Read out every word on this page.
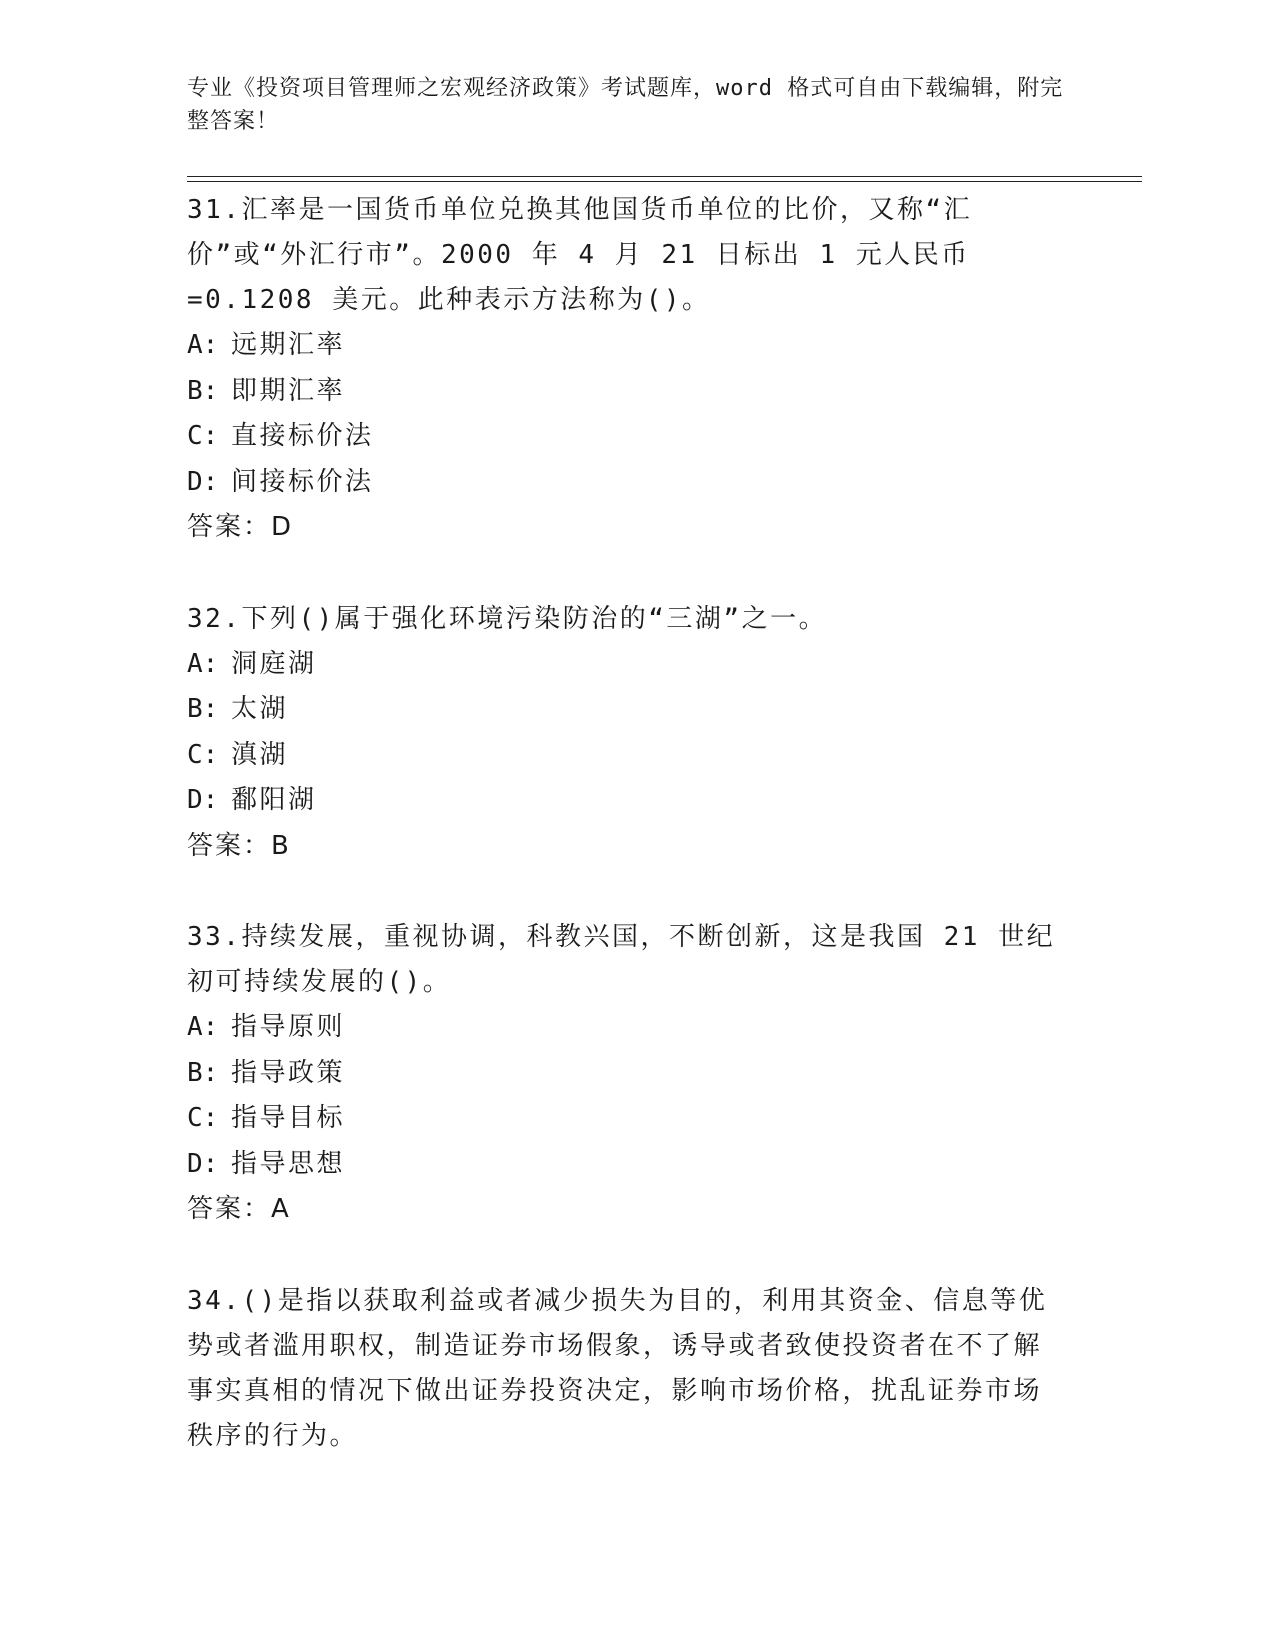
专业《投资项目管理师之宏观经济政策》考试题库，word 格式可自由下载编辑，附完整答案！
31.汇率是一国货币单位兑换其他国货币单位的比价，又称“汇价”或“外汇行市”。2000 年 4 月 21 日标出 1 元人民币=0.1208 美元。此种表示方法称为()。
A: 远期汇率
B: 即期汇率
C: 直接标价法
D: 间接标价法
答案：D
32.下列()属于强化环境污染防治的“三湖”之一。
A: 洞庭湖
B: 太湖
C: 滇湖
D: 鄱阳湖
答案：B
33.持续发展，重视协调，科教兴国，不断创新，这是我国 21 世纪初可持续发展的()。
A: 指导原则
B: 指导政策
C: 指导目标
D: 指导思想
答案：A
34.()是指以获取利益或者减少损失为目的，利用其资金、信息等优势或者滥用职权，制造证券市场假象，诱导或者致使投资者在不了解事实真相的情况下做出证券投资决定，影响市场价格，扰乱证券市场秩序的行为。
